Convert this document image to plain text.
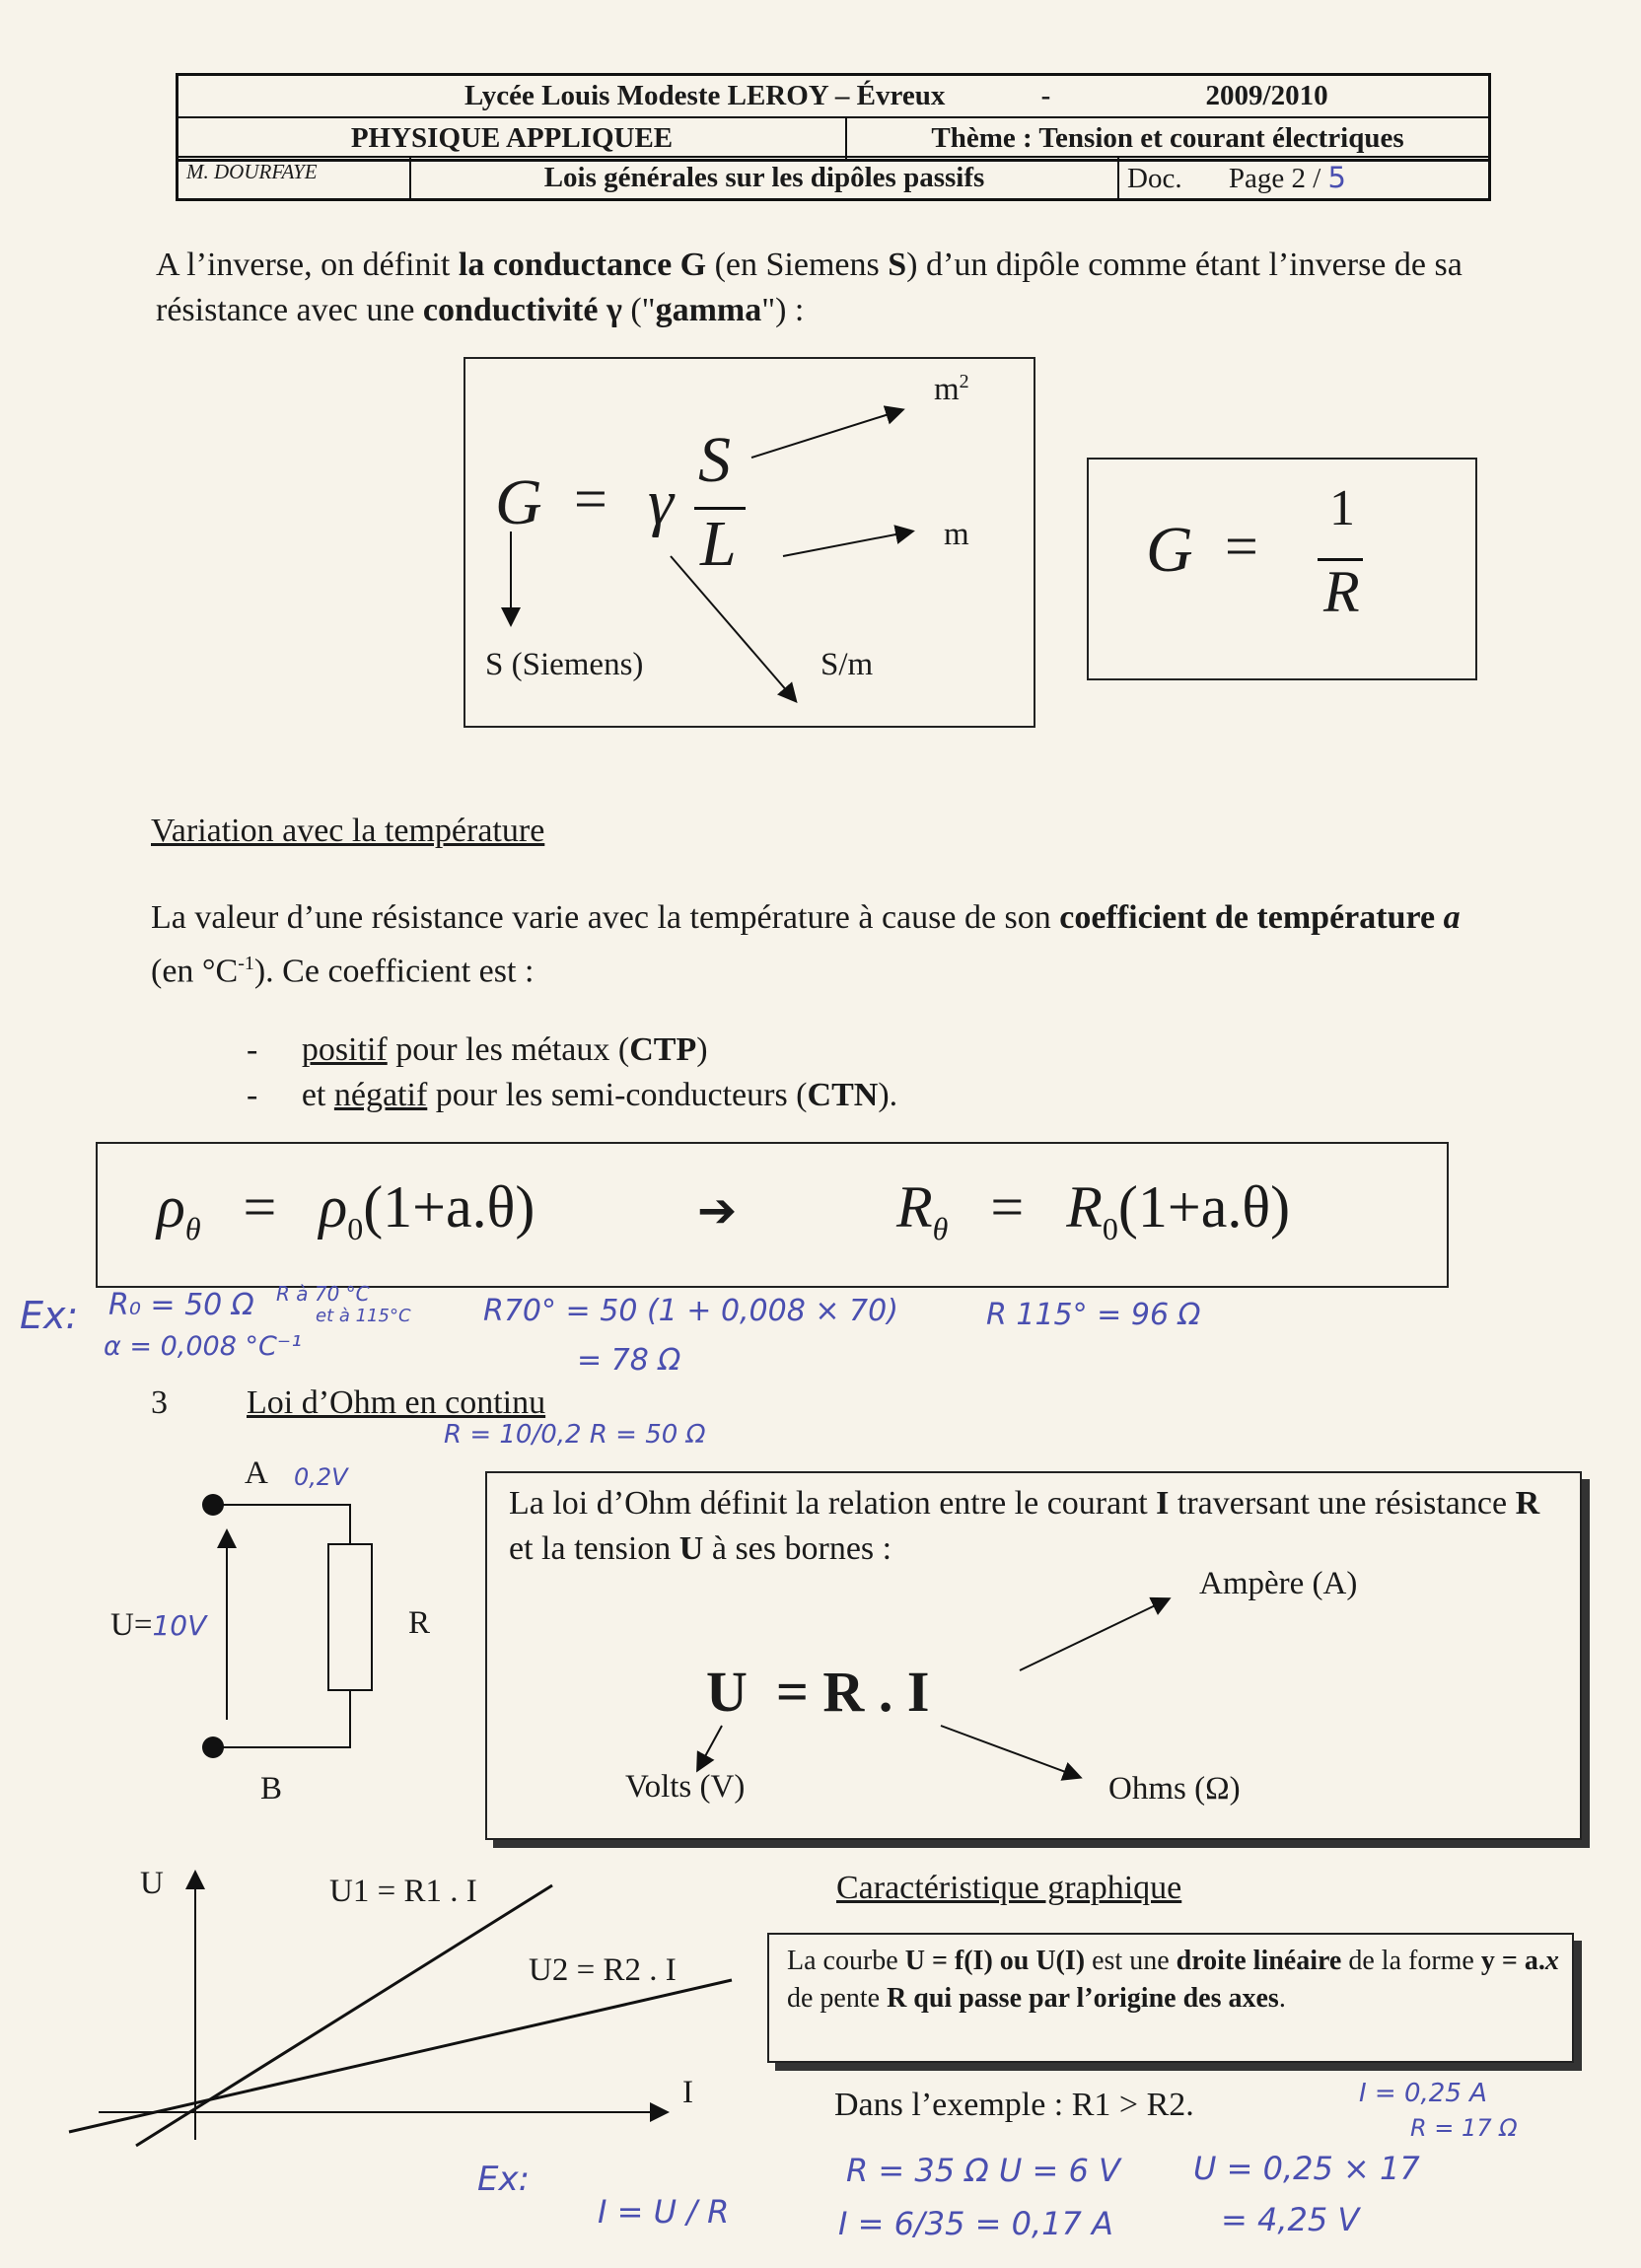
Lycée Louis Modeste LEROY – Évreux	-	2009/2010
PHYSIQUE APPLIQUEE	Thème : Tension et courant électriques
M. DOURFAYE	Lois générales sur les dipôles passifs	Doc. Page 2 / 5
A l’inverse, on définit la conductance G (en Siemens S) d’un dipôle comme étant l’inverse de sa résistance avec une conductivité γ ("gamma") :
G = γ
S
L
$m^2$
m
S (Siemens)	S/m
G =
1
R
Variation avec la température
La valeur d’une résistance varie avec la température à cause de son coefficient de température a (en $^\circ C^{-1}$). Ce coefficient est :
- positif pour les métaux (CTP)
- et négatif pour les semi-conducteurs (CTN).
$\rho_\theta = \rho_0(1+a.\theta)$	➔	$R_\theta = R_0(1+a.\theta)$
Ex: R₀ = 50 Ω R à 70 °C
et à 115°C
α = 0,008 °C⁻¹
R70° = 50 (1 + 0,008 × 70)
= 78 Ω
R 115° = 96 Ω
3 Loi d’Ohm en continu
R = 10/0,2 R = 50 Ω
A 0,2V
U=10V	R
B
La loi d’Ohm définit la relation entre le courant I traversant une résistance R et la tension U à ses bornes :
U  = R . I
Ampère (A)
Volts (V)	Ohms (Ω)
U
I
U1 = R1 . I
U2 = R2 . I
Caractéristique graphique
La courbe U = f(I) ou U(I) est une droite linéaire de la forme y = a.x de pente R qui passe par l’origine des axes.
Dans l’exemple : R1 > R2.
Ex:
I = U / R
R = 35 Ω U = 6 V
I = 6/35 = 0,17 A
I = 0,25 A
R = 17 Ω
U = 0,25 × 17
= 4,25 V
